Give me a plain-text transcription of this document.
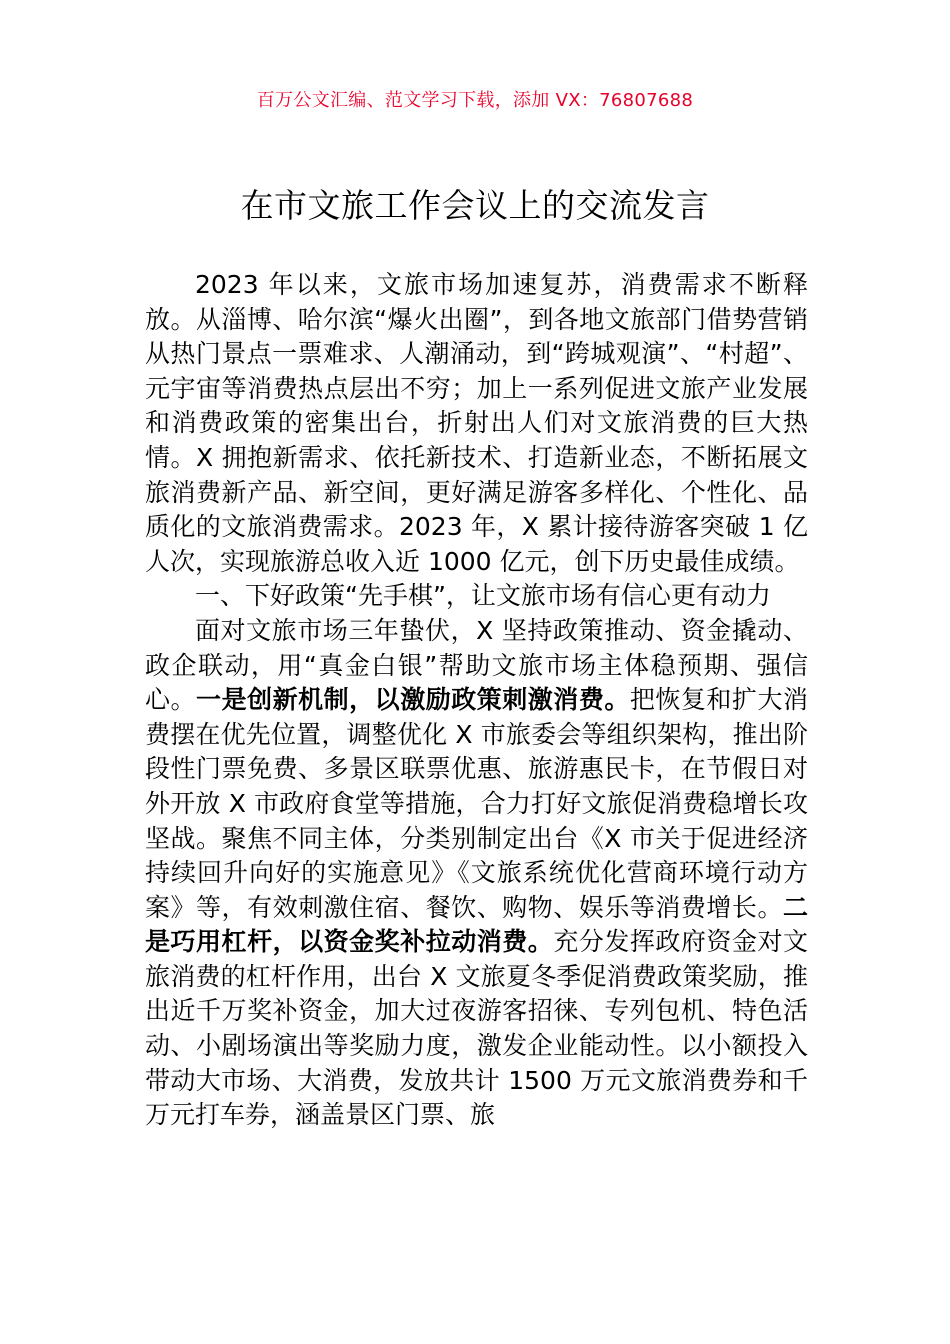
百万公文汇编、范文学习下载，添加 VX：76807688
在市文旅工作会议上的交流发言

2023 年以来，文旅市场加速复苏，消费需求不断释放。从淄博、哈尔滨“爆火出圈”，到各地文旅部门借势营销从热门景点一票难求、人潮涌动，到“跨城观演”、“村超”、元宇宙等消费热点层出不穷；加上一系列促进文旅产业发展和消费政策的密集出台，折射出人们对文旅消费的巨大热情。X 拥抱新需求、依托新技术、打造新业态，不断拓展文旅消费新产品、新空间，更好满足游客多样化、个性化、品质化的文旅消费需求。2023 年，X 累计接待游客突破 1 亿人次，实现旅游总收入近 1000 亿元，创下历史最佳成绩。

一、下好政策“先手棋”，让文旅市场有信心更有动力

面对文旅市场三年蛰伏，X 坚持政策推动、资金撬动、政企联动，用“真金白银”帮助文旅市场主体稳预期、强信心。一是创新机制，以激励政策刺激消费。把恢复和扩大消费摆在优先位置，调整优化 X 市旅委会等组织架构，推出阶段性门票免费、多景区联票优惠、旅游惠民卡，在节假日对外开放 X 市政府食堂等措施，合力打好文旅促消费稳增长攻坚战。聚焦不同主体，分类别制定出台《X 市关于促进经济持续回升向好的实施意见》《文旅系统优化营商环境行动方案》等，有效刺激住宿、餐饮、购物、娱乐等消费增长。二是巧用杠杆，以资金奖补拉动消费。充分发挥政府资金对文旅消费的杠杆作用，出台 X 文旅夏冬季促消费政策奖励，推出近千万奖补资金，加大过夜游客招徕、专列包机、特色活动、小剧场演出等奖励力度，激发企业能动性。以小额投入带动大市场、大消费，发放共计 1500 万元文旅消费券和千万元打车券，涵盖景区门票、旅
